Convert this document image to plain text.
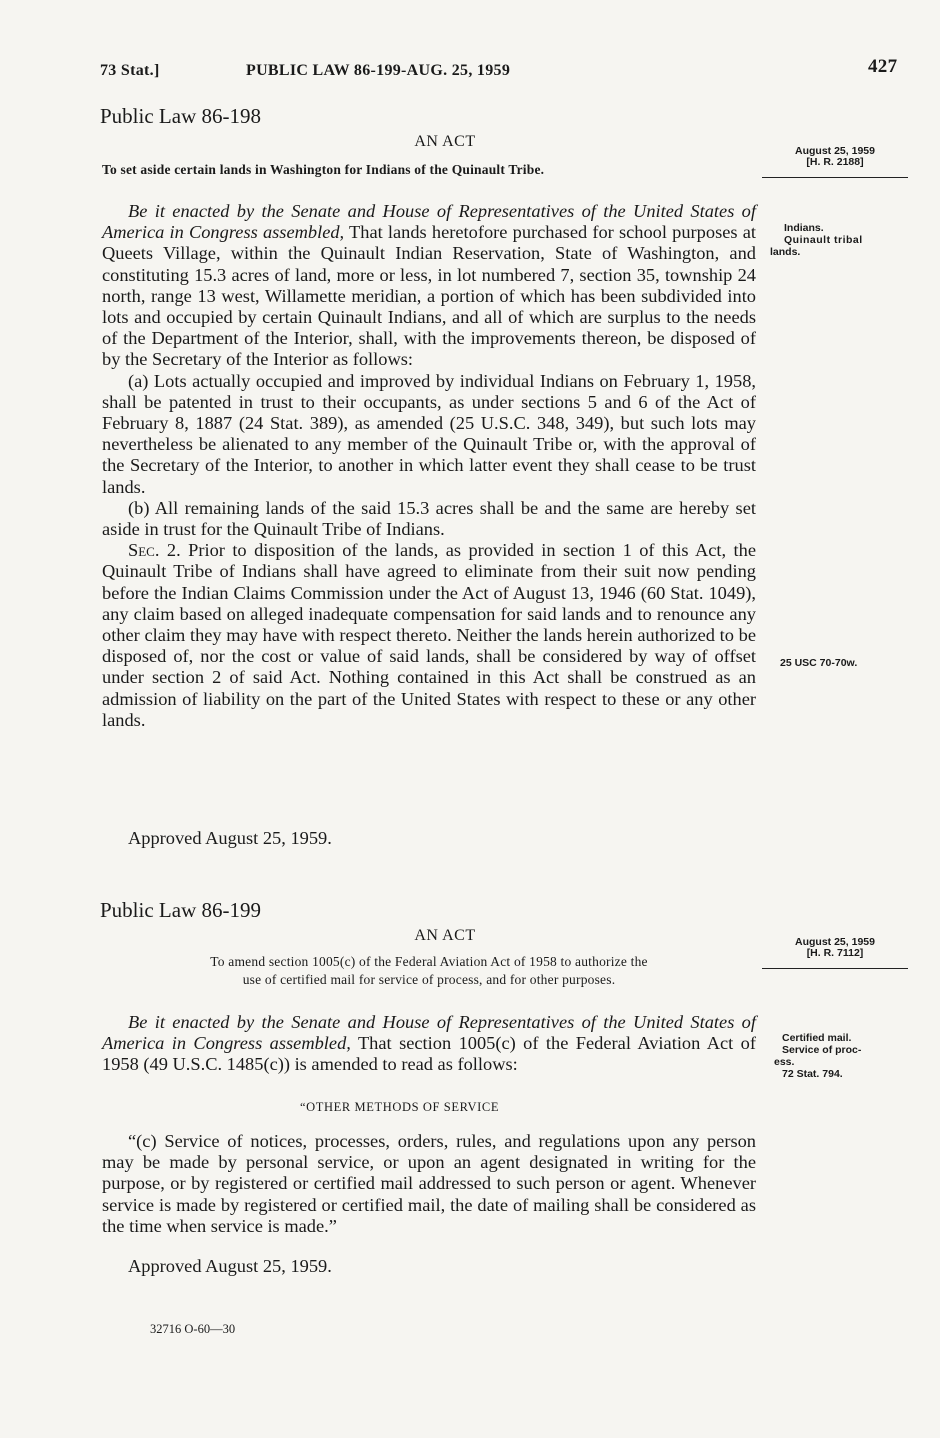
73 Stat.]	PUBLIC LAW 86-199-AUG. 25, 1959	427
Public Law 86-198
AN ACT
To set aside certain lands in Washington for Indians of the Quinault Tribe.
August 25, 1959
[H. R. 2188]

Be it enacted by the Senate and House of Representatives of the United States of America in Congress assembled, That lands heretofore purchased for school purposes at Queets Village, within the Quinault Indian Reservation, State of Washington, and constituting 15.3 acres of land, more or less, in lot numbered 7, section 35, township 24 north, range 13 west, Willamette meridian, a portion of which has been subdivided into lots and occupied by certain Quinault Indians, and all of which are surplus to the needs of the Department of the Interior, shall, with the improvements thereon, be disposed of by the Secretary of the Interior as follows:

(a) Lots actually occupied and improved by individual Indians on February 1, 1958, shall be patented in trust to their occupants, as under sections 5 and 6 of the Act of February 8, 1887 (24 Stat. 389), as amended (25 U.S.C. 348, 349), but such lots may nevertheless be alienated to any member of the Quinault Tribe or, with the approval of the Secretary of the Interior, to another in which latter event they shall cease to be trust lands.

(b) All remaining lands of the said 15.3 acres shall be and the same are hereby set aside in trust for the Quinault Tribe of Indians.

Sec. 2. Prior to disposition of the lands, as provided in section 1 of this Act, the Quinault Tribe of Indians shall have agreed to eliminate from their suit now pending before the Indian Claims Commission under the Act of August 13, 1946 (60 Stat. 1049), any claim based on alleged inadequate compensation for said lands and to renounce any other claim they may have with respect thereto. Neither the lands herein authorized to be disposed of, nor the cost or value of said lands, shall be considered by way of offset under section 2 of said Act. Nothing contained in this Act shall be construed as an admission of liability on the part of the United States with respect to these or any other lands.

Approved August 25, 1959.
Indians.
Quinault tribal
lands.
25 USC 70-70w.
Public Law 86-199
AN ACT
To amend section 1005(c) of the Federal Aviation Act of 1958 to authorize the
use of certified mail for service of process, and for other purposes.
August 25, 1959
[H. R. 7112]

Be it enacted by the Senate and House of Representatives of the United States of America in Congress assembled, That section 1005(c) of the Federal Aviation Act of 1958 (49 U.S.C. 1485(c)) is amended to read as follows:

“OTHER METHODS OF SERVICE

“(c) Service of notices, processes, orders, rules, and regulations upon any person may be made by personal service, or upon an agent designated in writing for the purpose, or by registered or certified mail addressed to such person or agent. Whenever service is made by registered or certified mail, the date of mailing shall be considered as the time when service is made.”

Approved August 25, 1959.
Certified mail.
Service of proc-
ess.
72 Stat. 794.
32716 O-60—30
